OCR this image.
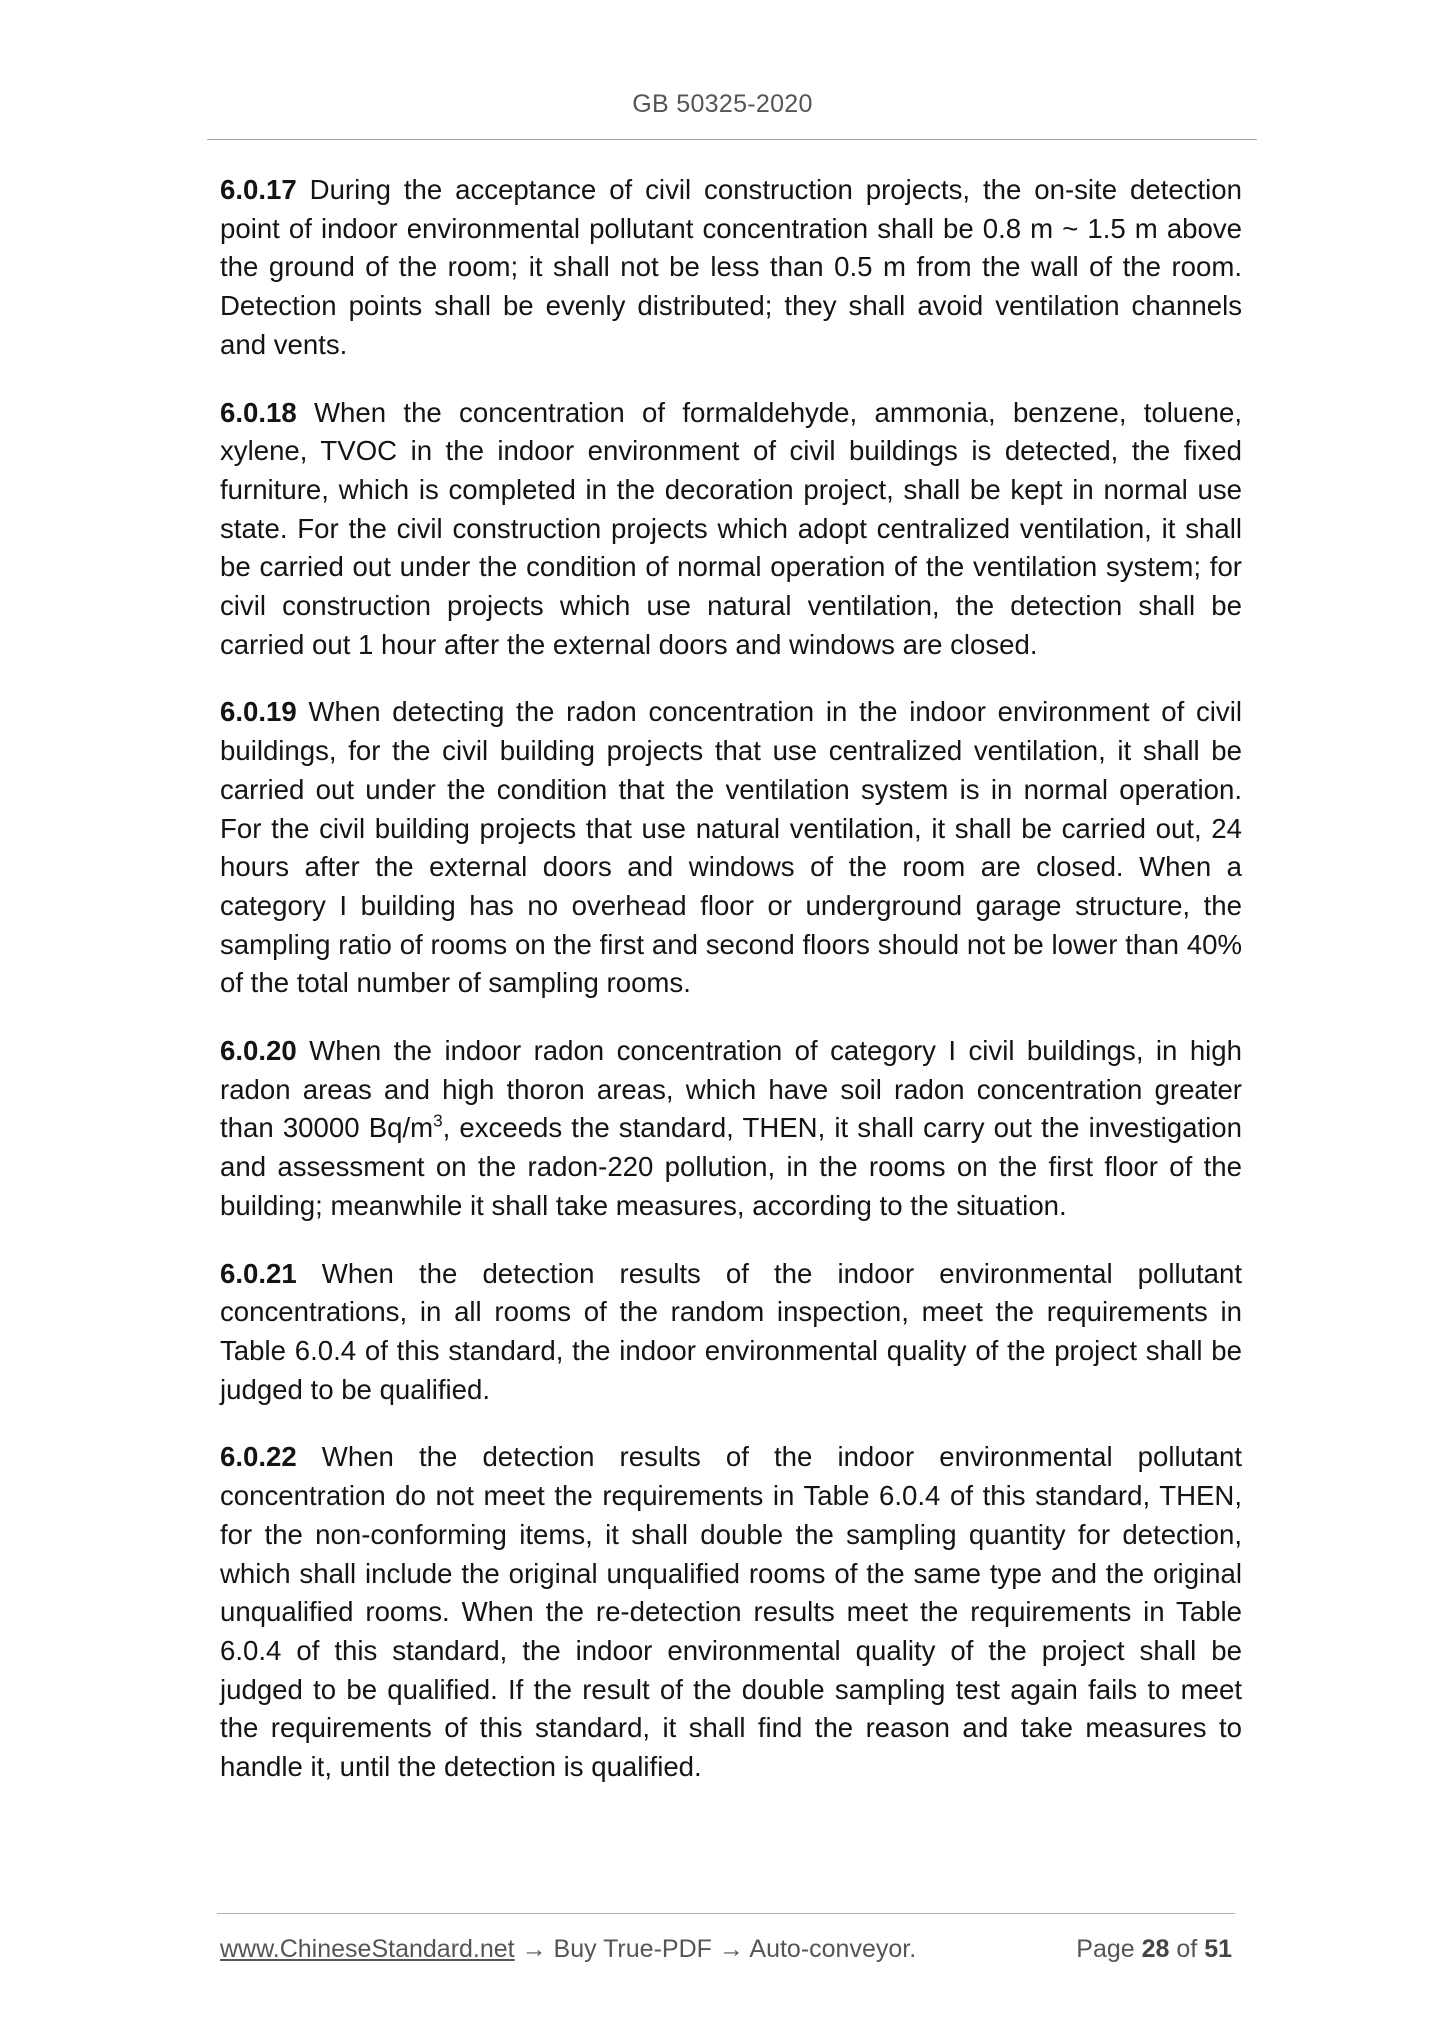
GB 50325-2020

6.0.17 During the acceptance of civil construction projects, the on-site detection point of indoor environmental pollutant concentration shall be 0.8 m ~ 1.5 m above the ground of the room; it shall not be less than 0.5 m from the wall of the room. Detection points shall be evenly distributed; they shall avoid ventilation channels and vents.

6.0.18 When the concentration of formaldehyde, ammonia, benzene, toluene, xylene, TVOC in the indoor environment of civil buildings is detected, the fixed furniture, which is completed in the decoration project, shall be kept in normal use state. For the civil construction projects which adopt centralized ventilation, it shall be carried out under the condition of normal operation of the ventilation system; for civil construction projects which use natural ventilation, the detection shall be carried out 1 hour after the external doors and windows are closed.

6.0.19 When detecting the radon concentration in the indoor environment of civil buildings, for the civil building projects that use centralized ventilation, it shall be carried out under the condition that the ventilation system is in normal operation. For the civil building projects that use natural ventilation, it shall be carried out, 24 hours after the external doors and windows of the room are closed. When a category I building has no overhead floor or underground garage structure, the sampling ratio of rooms on the first and second floors should not be lower than 40% of the total number of sampling rooms.

6.0.20 When the indoor radon concentration of category I civil buildings, in high radon areas and high thoron areas, which have soil radon concentration greater than 30000 $Bq/m^3$, exceeds the standard, THEN, it shall carry out the investigation and assessment on the radon-220 pollution, in the rooms on the first floor of the building; meanwhile it shall take measures, according to the situation.

6.0.21 When the detection results of the indoor environmental pollutant concentrations, in all rooms of the random inspection, meet the requirements in Table 6.0.4 of this standard, the indoor environmental quality of the project shall be judged to be qualified.

6.0.22 When the detection results of the indoor environmental pollutant concentration do not meet the requirements in Table 6.0.4 of this standard, THEN, for the non-conforming items, it shall double the sampling quantity for detection, which shall include the original unqualified rooms of the same type and the original unqualified rooms. When the re-detection results meet the requirements in Table 6.0.4 of this standard, the indoor environmental quality of the project shall be judged to be qualified. If the result of the double sampling test again fails to meet the requirements of this standard, it shall find the reason and take measures to handle it, until the detection is qualified.

www.ChineseStandard.net → Buy True-PDF → Auto-conveyor.	Page 28 of 51
